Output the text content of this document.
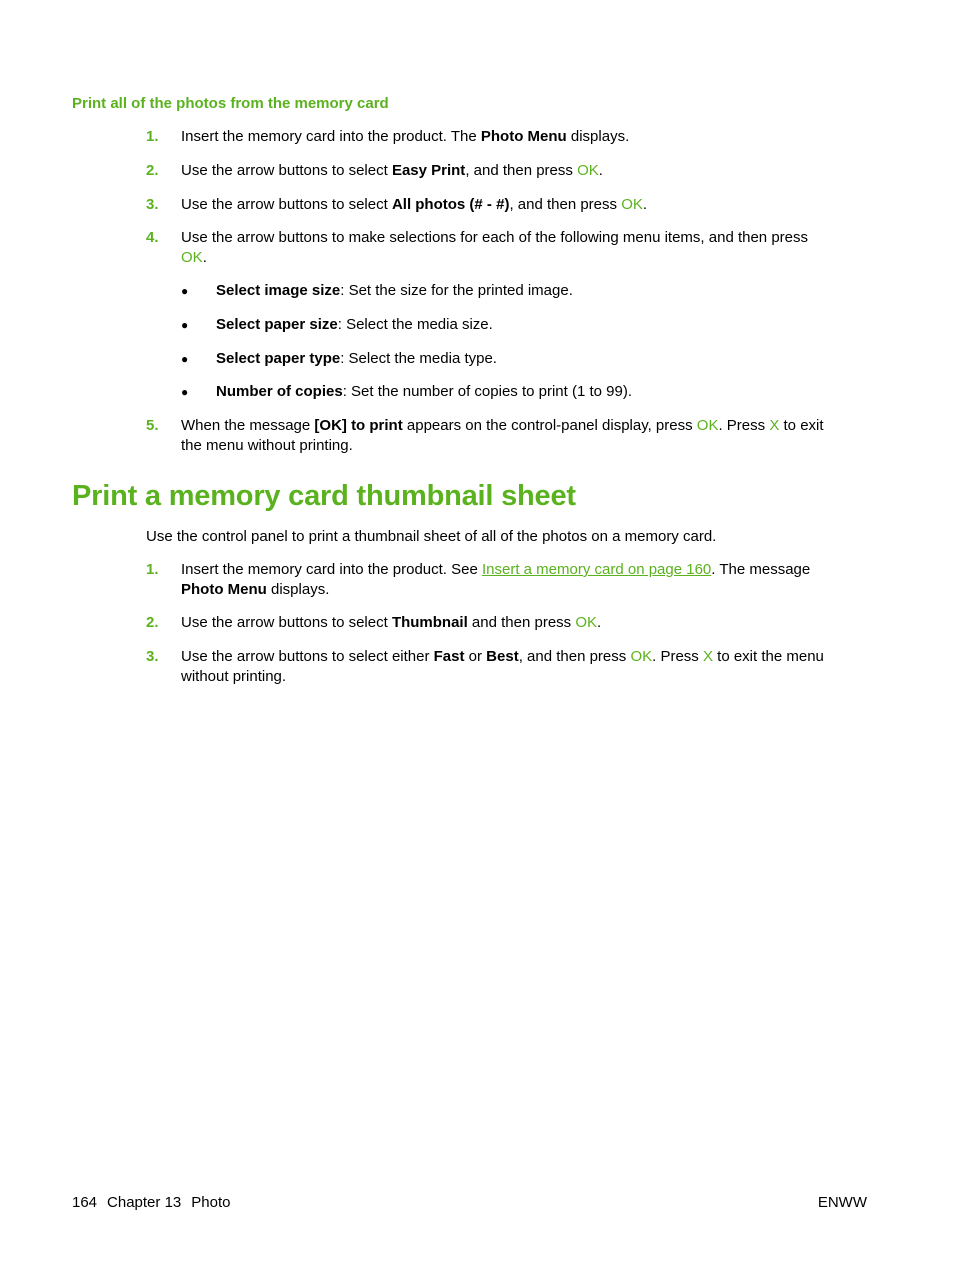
Print all of the photos from the memory card
1. Insert the memory card into the product. The Photo Menu displays.
2. Use the arrow buttons to select Easy Print, and then press OK.
3. Use the arrow buttons to select All photos (# - #), and then press OK.
4. Use the arrow buttons to make selections for each of the following menu items, and then press
OK.
● Select image size: Set the size for the printed image.
● Select paper size: Select the media size.
● Select paper type: Select the media type.
● Number of copies: Set the number of copies to print (1 to 99).
5. When the message [OK] to print appears on the control-panel display, press OK. Press X to exit
the menu without printing.
Print a memory card thumbnail sheet
Use the control panel to print a thumbnail sheet of all of the photos on a memory card.
1. Insert the memory card into the product. See Insert a memory card on page 160. The message
Photo Menu displays.
2. Use the arrow buttons to select Thumbnail and then press OK.
3. Use the arrow buttons to select either Fast or Best, and then press OK. Press X to exit the menu
without printing.
164 Chapter 13 Photo	ENWW
